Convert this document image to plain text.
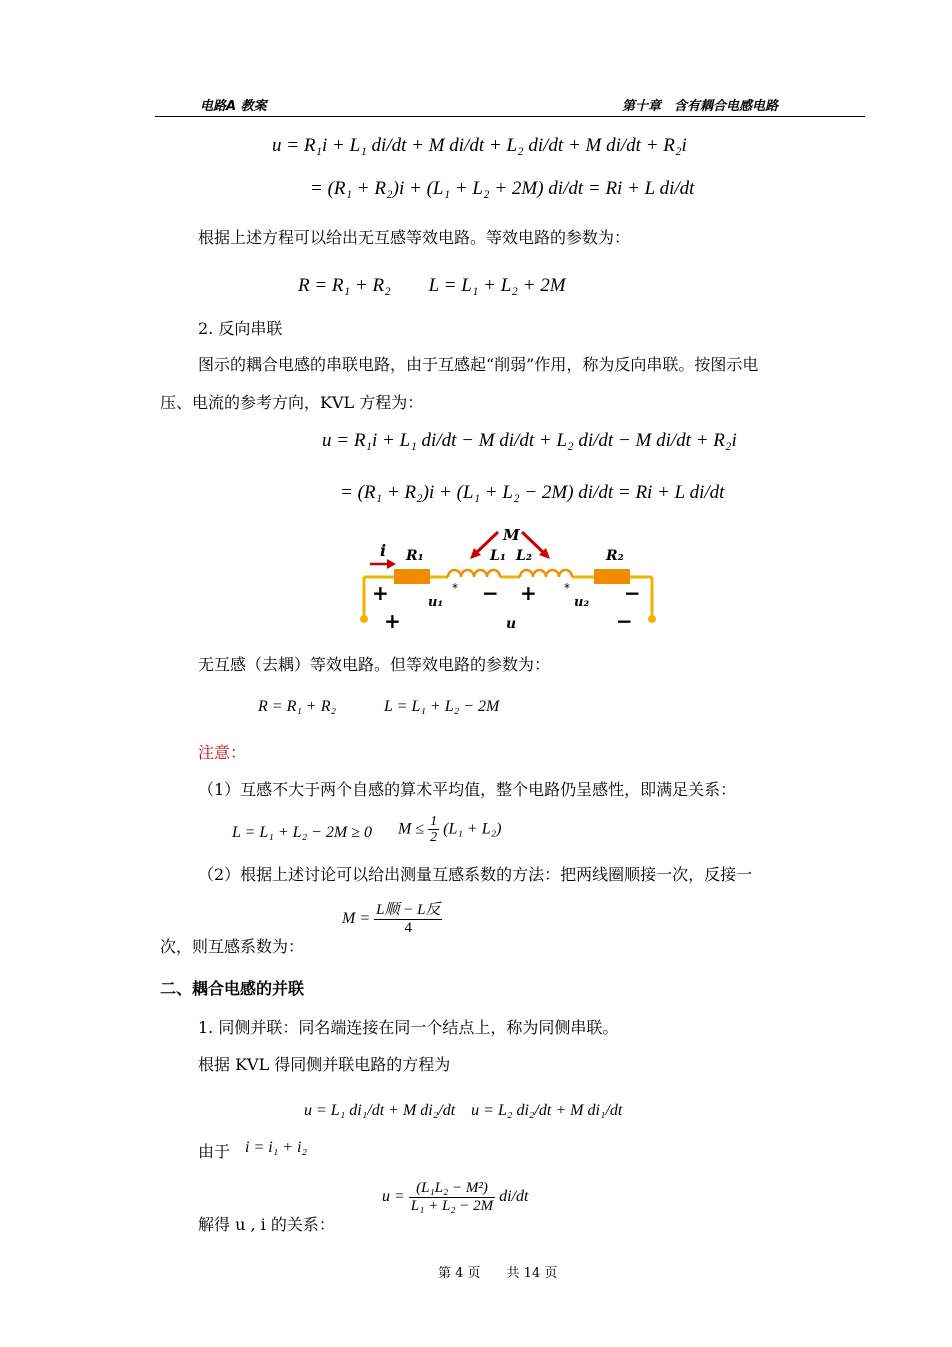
电路A 教案	第十章　含有耦合电感电路
u = R₁i + L₁ di/dt + M di/dt + L₂ di/dt + M di/dt + R₂i
= (R₁ + R₂)i + (L₁ + L₂ + 2M) di/dt = Ri + L di/dt
根据上述方程可以给出无互感等效电路。等效电路的参数为：
R = R₁ + R₂　　L = L₁ + L₂ + 2M
2. 反向串联
图示的耦合电感的串联电路，由于互感起“削弱”作用，称为反向串联。按图示电
压、电流的参考方向，KVL 方程为：
u = R₁i + L₁ di/dt − M di/dt + L₂ di/dt − M di/dt + R₂i
= (R₁ + R₂)i + (L₁ + L₂ − 2M) di/dt = Ri + L di/dt
i R₁
M
L₁ L₂	R₂
+	u₁
* − + *
u₂ −
+	u	−
无互感（去耦）等效电路。但等效电路的参数为：
R = R₁ + R₂　　　L = L₁ + L₂ − 2M
注意：
（1）互感不大于两个自感的算术平均值，整个电路仍呈感性，即满足关系：
L = L₁ + L₂ − 2M ≥ 0 $M \le \frac{1}{2} (L_1 + L_2)$
（2）根据上述讨论可以给出测量互感系数的方法：把两线圈顺接一次，反接一
次，则互感系数为：
$M = \frac{\text{L顺 − L反}}{4}$
二、耦合电感的并联
1. 同侧并联：同名端连接在同一个结点上，称为同侧串联。
根据 KVL 得同侧并联电路的方程为
u = L₁ di₁/dt + M di₂/dt　u = L₂ di₂/dt + M di₁/dt
由于 i = i₁ + i₂
解得 u , i 的关系：
$u = \frac{\text{(L₁L₂ − M²)}}{\text{L₁ + L₂ − 2M}} di/dt$
第 4 页　　共 14 页
